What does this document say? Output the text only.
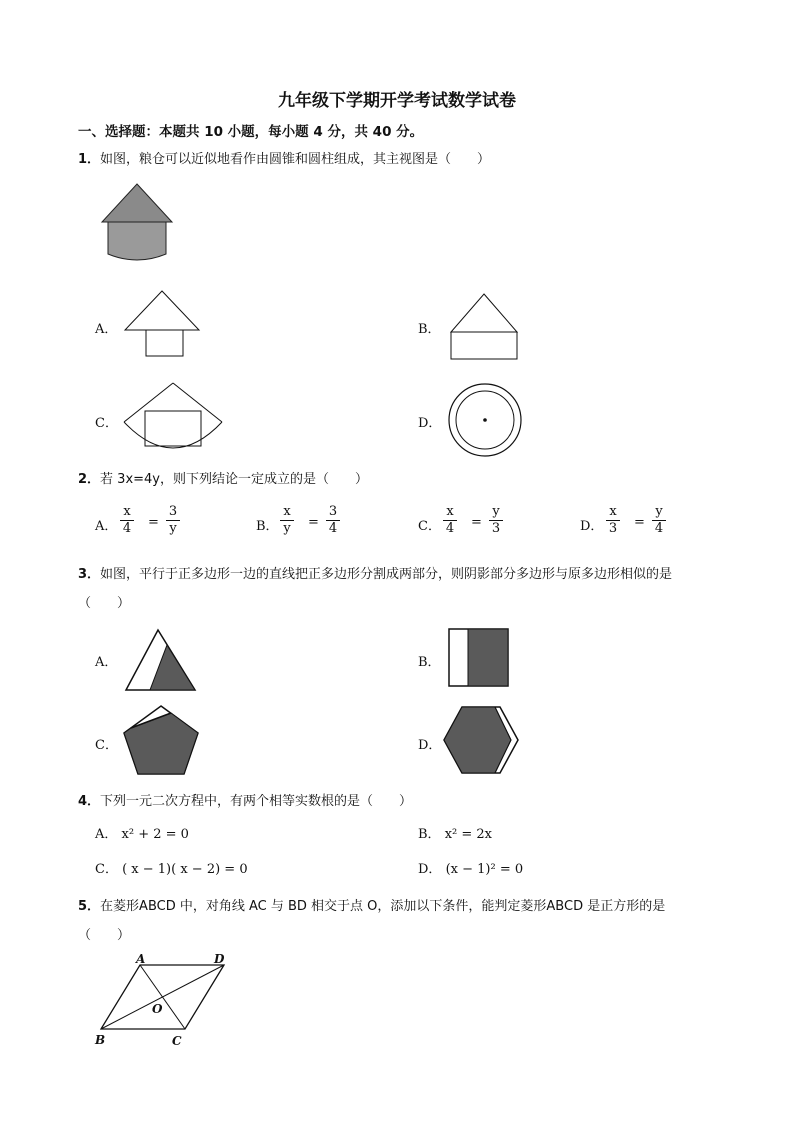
九年级下学期开学考试数学试卷
一、选择题：本题共 10 小题，每小题 4 分，共 40 分。
1．如图，粮仓可以近似地看作由圆锥和圆柱组成，其主视图是（　　）
A．	B．
C．	D．
2．若 3x=4y，则下列结论一定成立的是（　　）
A．
x
4 =
3
y	B．
x
y =
3
4	C．
x
4 =
y
3	D．
x
3 =
y
4
3．如图，平行于正多边形一边的直线把正多边形分割成两部分，则阴影部分多边形与原多边形相似的是
（　　）
A．	B．
C．	D．
4．下列一元二次方程中，有两个相等实数根的是（　　）
A． x² + 2 = 0	B． x² = 2x
C． ( x − 1)( x − 2) = 0	D． (x − 1)² = 0
5．在菱形ABCD 中，对角线 AC 与 BD 相交于点 O，添加以下条件，能判定菱形ABCD 是正方形的是
（　　）
A	D
B	C
O
